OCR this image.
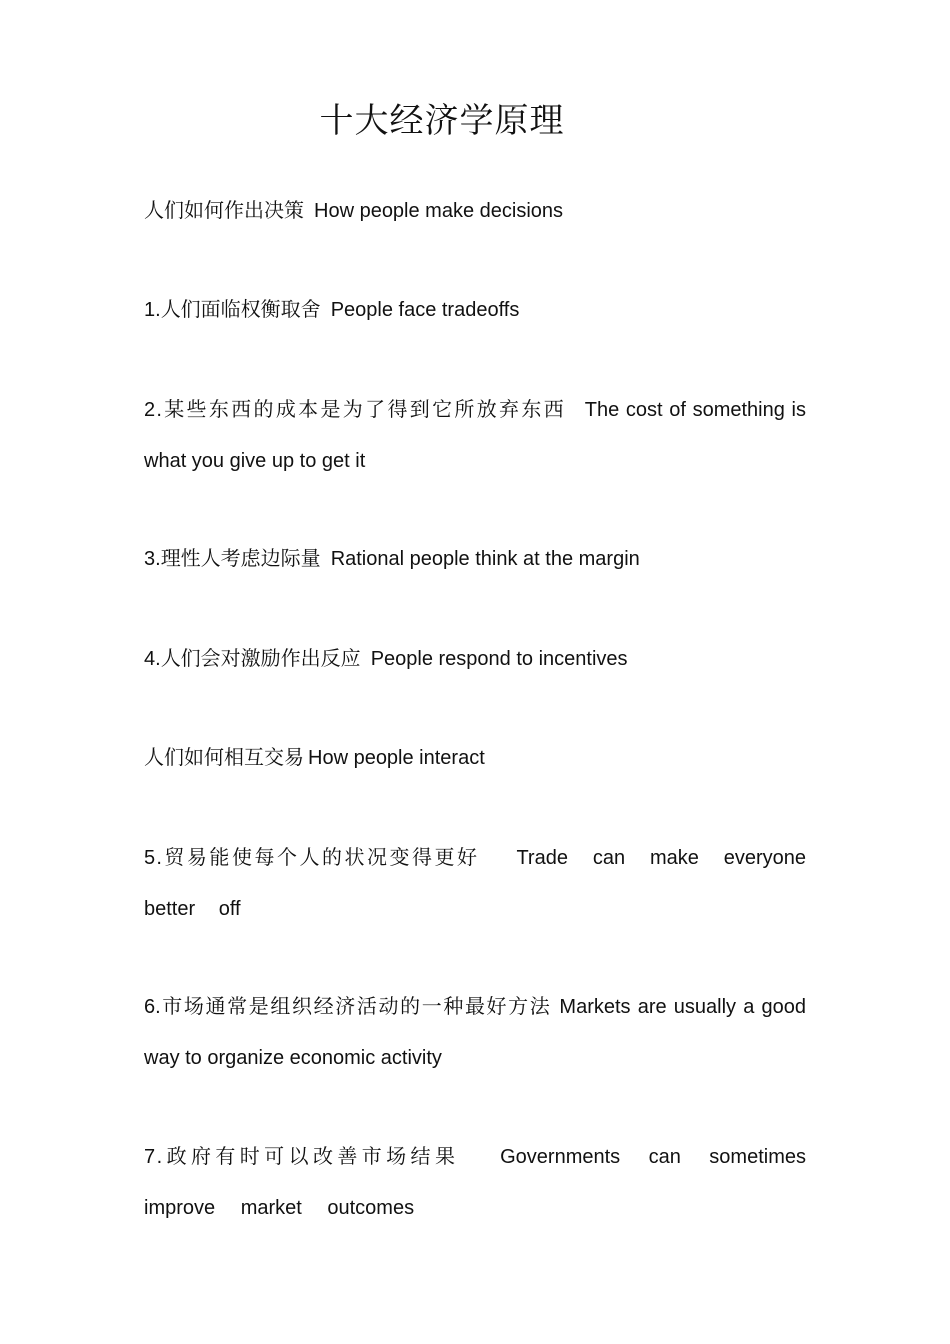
十大经济学原理
人们如何作出决策 How people make decisions
1.人们面临权衡取舍 People face tradeoffs
2.某些东西的成本是为了得到它所放弃东西 The cost of something is what you give up to get it
3.理性人考虑边际量 Rational people think at the margin
4.人们会对激励作出反应 People respond to incentives
人们如何相互交易 How people interact
5.贸易能使每个人的状况变得更好 Trade can make everyone better off
6.市场通常是组织经济活动的一种最好方法 Markets are usually a good way to organize economic activity
7.政府有时可以改善市场结果 Governments can sometimes improve market outcomes
